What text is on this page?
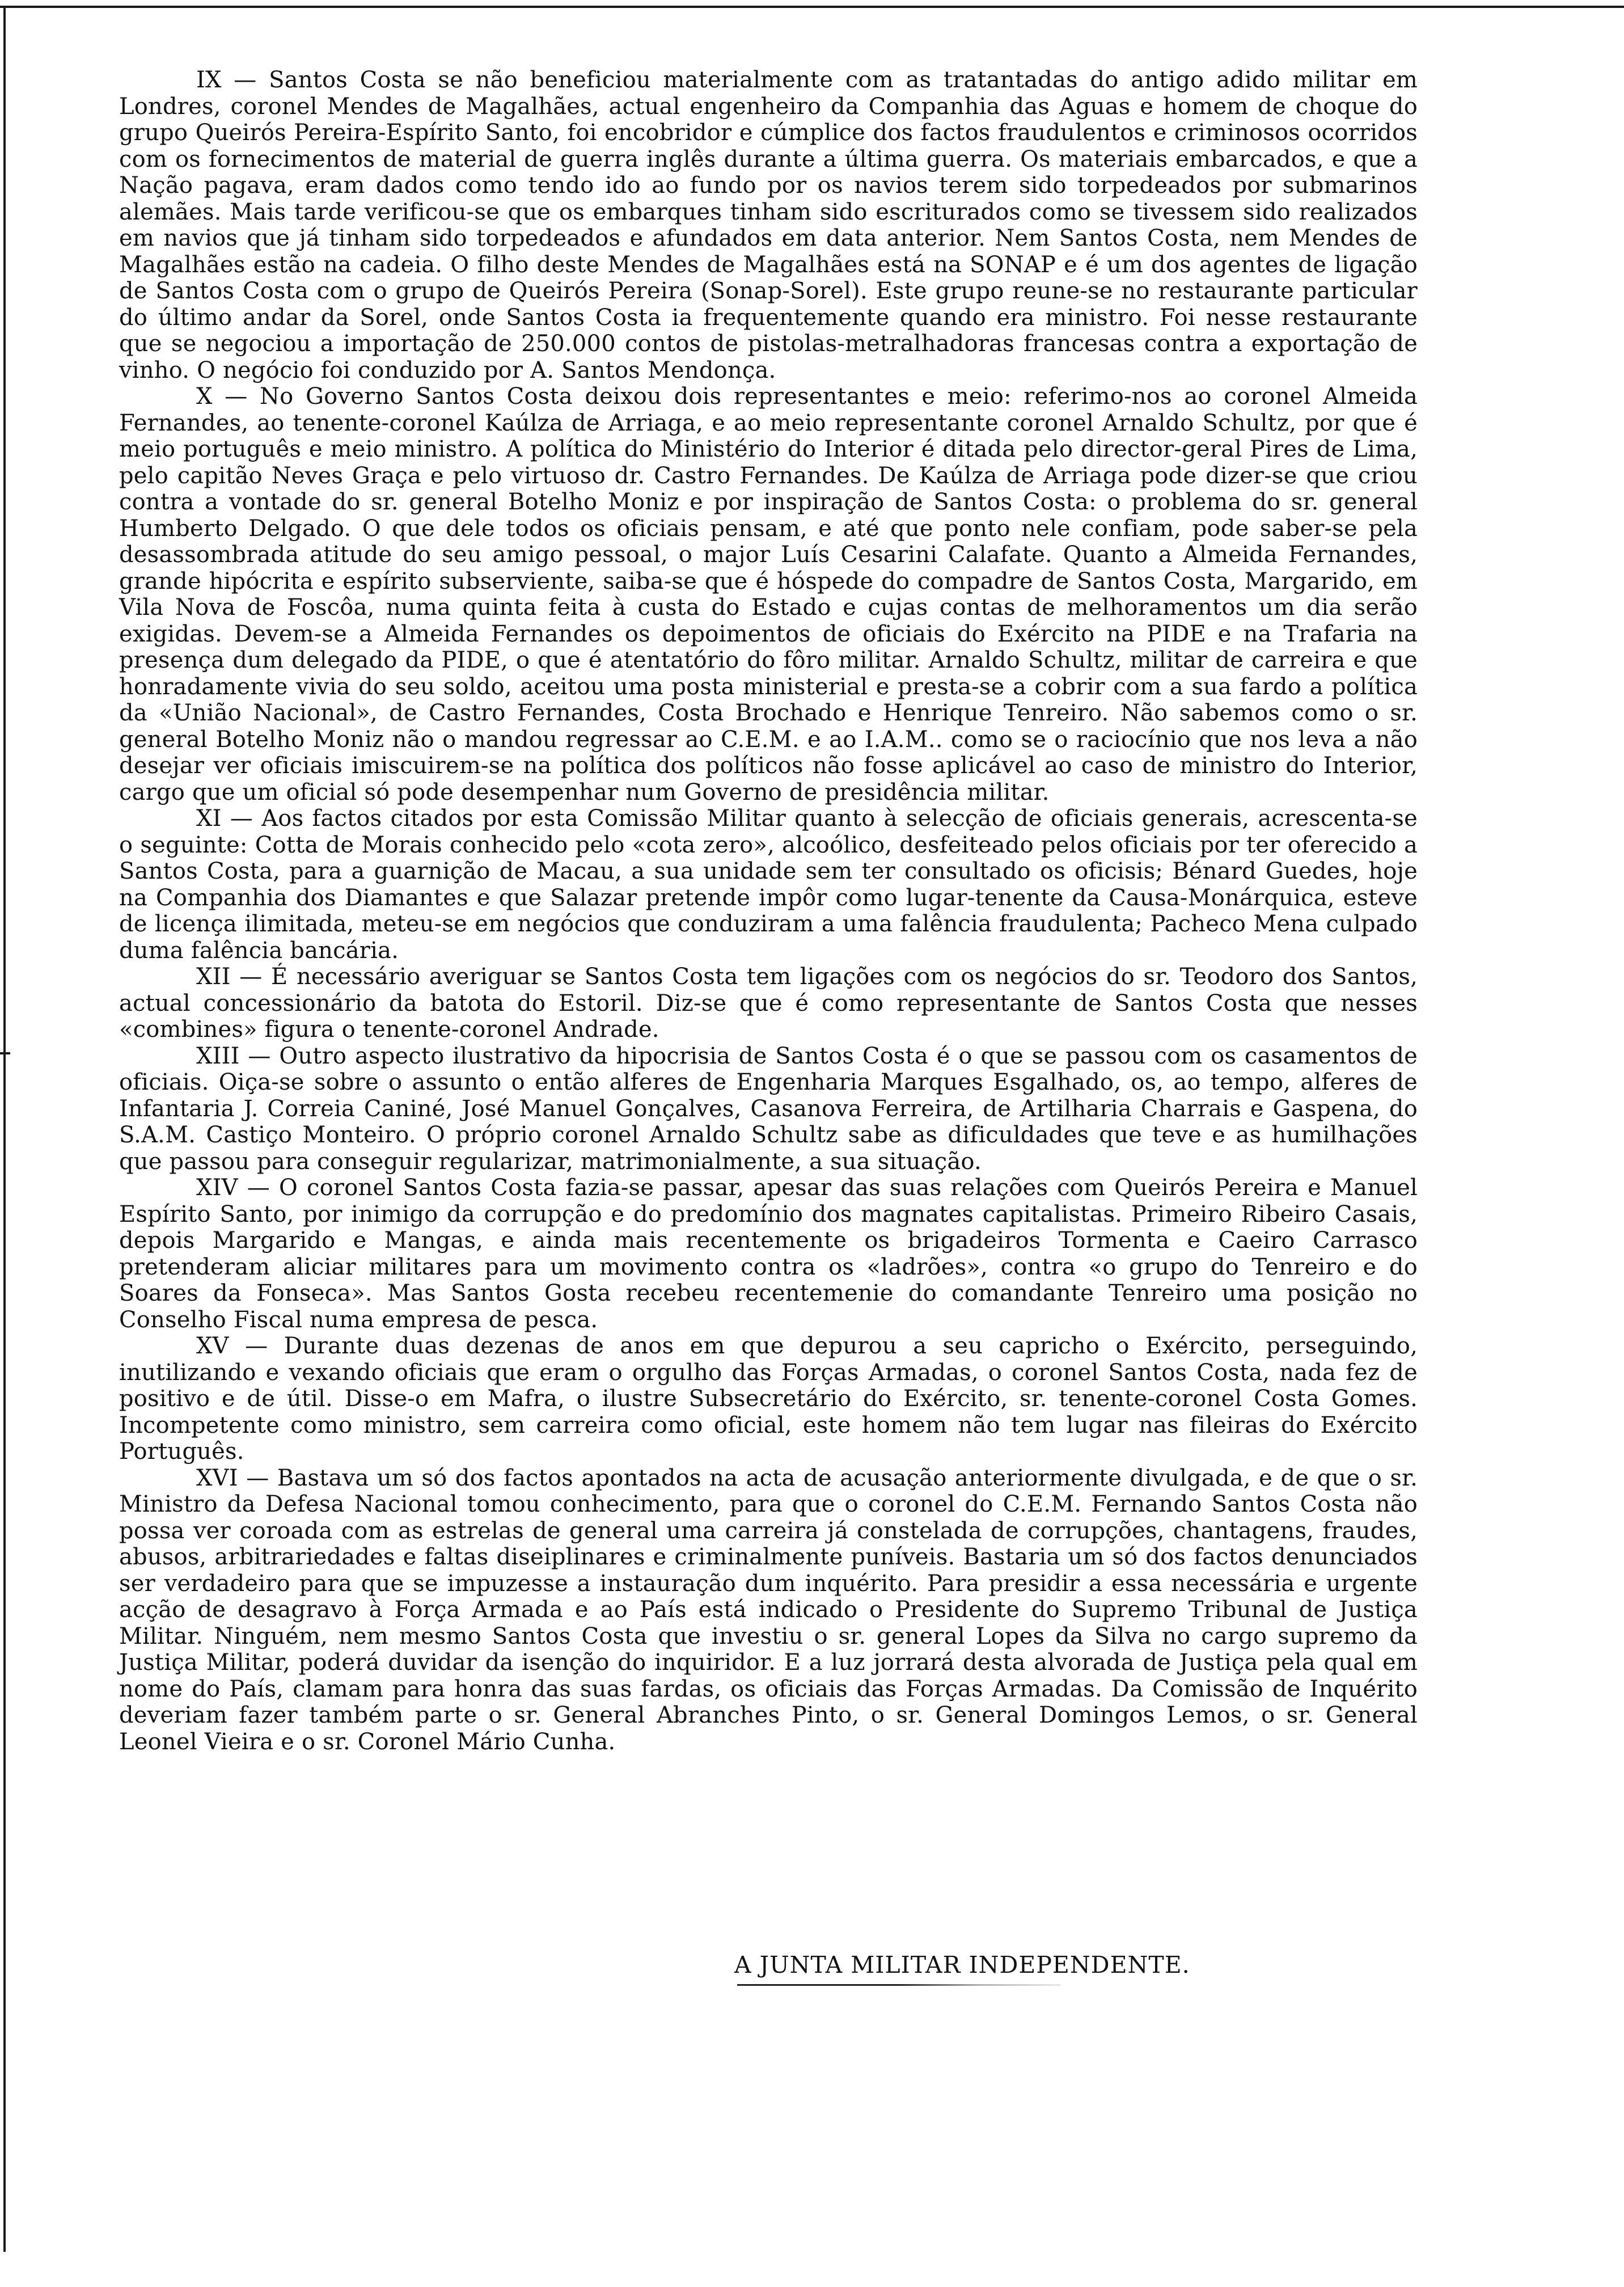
IX — Santos Costa se não beneficiou materialmente com as tratantadas do antigo adido militar em Londres, coronel Mendes de Magalhães, actual engenheiro da Companhia das Aguas e homem de choque do grupo Queirós Pereira-Espírito Santo, foi encobridor e cúmplice dos factos fraudulentos e criminosos ocorridos com os fornecimentos de material de guerra inglês durante a última guerra. Os materiais embarcados, e que a Nação pagava, eram dados como tendo ido ao fundo por os navios terem sido torpedeados por submarinos alemães. Mais tarde verificou-se que os embarques tinham sido escriturados como se tivessem sido realizados em navios que já tinham sido torpedeados e afundados em data anterior. Nem Santos Costa, nem Mendes de Magalhães estão na cadeia. O filho deste Mendes de Magalhães está na SONAP e é um dos agentes de ligação de Santos Costa com o grupo de Queirós Pereira (Sonap-Sorel). Este grupo reune-se no restaurante particular do último andar da Sorel, onde Santos Costa ia frequentemente quando era ministro. Foi nesse restaurante que se negociou a importação de 250.000 contos de pistolas-metralhadoras francesas contra a exportação de vinho. O negócio foi conduzido por A. Santos Mendonça.

X — No Governo Santos Costa deixou dois representantes e meio: referimo-nos ao coronel Almeida Fernandes, ao tenente-coronel Kaúlza de Arriaga, e ao meio representante coronel Arnaldo Schultz, por que é meio português e meio ministro. A política do Ministério do Interior é ditada pelo director-geral Pires de Lima, pelo capitão Neves Graça e pelo virtuoso dr. Castro Fernandes. De Kaúlza de Arriaga pode dizer-se que criou contra a vontade do sr. general Botelho Moniz e por inspiração de Santos Costa: o problema do sr. general Humberto Delgado. O que dele todos os oficiais pensam, e até que ponto nele confiam, pode saber-se pela desassombrada atitude do seu amigo pessoal, o major Luís Cesarini Calafate. Quanto a Almeida Fernandes, grande hipócrita e espírito subserviente, saiba-se que é hóspede do compadre de Santos Costa, Margarido, em Vila Nova de Foscôa, numa quinta feita à custa do Estado e cujas contas de melhoramentos um dia serão exigidas. Devem-se a Almeida Fernandes os depoimentos de oficiais do Exército na PIDE e na Trafaria na presença dum delegado da PIDE, o que é atentatório do fôro militar. Arnaldo Schultz, militar de carreira e que honradamente vivia do seu soldo, aceitou uma posta ministerial e presta-se a cobrir com a sua fardo a política da «União Nacional», de Castro Fernandes, Costa Brochado e Henrique Tenreiro. Não sabemos como o sr. general Botelho Moniz não o mandou regressar ao C.E.M. e ao I.A.M.. como se o raciocínio que nos leva a não desejar ver oficiais imiscuirem-se na política dos políticos não fosse aplicável ao caso de ministro do Interior, cargo que um oficial só pode desempenhar num Governo de presidência militar.

XI — Aos factos citados por esta Comissão Militar quanto à selecção de oficiais generais, acrescenta-se o seguinte: Cotta de Morais conhecido pelo «cota zero», alcoólico, desfeiteado pelos oficiais por ter oferecido a Santos Costa, para a guarnição de Macau, a sua unidade sem ter consultado os oficisis; Bénard Guedes, hoje na Companhia dos Diamantes e que Salazar pretende impôr como lugar-tenente da Causa-Monárquica, esteve de licença ilimitada, meteu-se em negócios que conduziram a uma falência fraudulenta; Pacheco Mena culpado duma falência bancária.

XII — É necessário averiguar se Santos Costa tem ligações com os negócios do sr. Teodoro dos Santos, actual concessionário da batota do Estoril. Diz-se que é como representante de Santos Costa que nesses «combines» figura o tenente-coronel Andrade.

XIII — Outro aspecto ilustrativo da hipocrisia de Santos Costa é o que se passou com os casamentos de oficiais. Oiça-se sobre o assunto o então alferes de Engenharia Marques Esgalhado, os, ao tempo, alferes de Infantaria J. Correia Caniné, José Manuel Gonçalves, Casanova Ferreira, de Artilharia Charrais e Gaspena, do S.A.M. Castiço Monteiro. O próprio coronel Arnaldo Schultz sabe as dificuldades que teve e as humilhações que passou para conseguir regularizar, matrimonialmente, a sua situação.

XIV — O coronel Santos Costa fazia-se passar, apesar das suas relações com Queirós Pereira e Manuel Espírito Santo, por inimigo da corrupção e do predomínio dos magnates capitalistas. Primeiro Ribeiro Casais, depois Margarido e Mangas, e ainda mais recentemente os brigadeiros Tormenta e Caeiro Carrasco pretenderam aliciar militares para um movimento contra os «ladrões», contra «o grupo do Tenreiro e do Soares da Fonseca». Mas Santos Gosta recebeu recentemenie do comandante Tenreiro uma posição no Conselho Fiscal numa empresa de pesca.

XV — Durante duas dezenas de anos em que depurou a seu capricho o Exército, perseguindo, inutilizando e vexando oficiais que eram o orgulho das Forças Armadas, o coronel Santos Costa, nada fez de positivo e de útil. Disse-o em Mafra, o ilustre Subsecretário do Exército, sr. tenente-coronel Costa Gomes. Incompetente como ministro, sem carreira como oficial, este homem não tem lugar nas fileiras do Exército Português.

XVI — Bastava um só dos factos apontados na acta de acusação anteriormente divulgada, e de que o sr. Ministro da Defesa Nacional tomou conhecimento, para que o coronel do C.E.M. Fernando Santos Costa não possa ver coroada com as estrelas de general uma carreira já constelada de corrupções, chantagens, fraudes, abusos, arbitrariedades e faltas diseiplinares e criminalmente puníveis. Bastaria um só dos factos denunciados ser verdadeiro para que se impuzesse a instauração dum inquérito. Para presidir a essa necessária e urgente acção de desagravo à Força Armada e ao País está indicado o Presidente do Supremo Tribunal de Justiça Militar. Ninguém, nem mesmo Santos Costa que investiu o sr. general Lopes da Silva no cargo supremo da Justiça Militar, poderá duvidar da isenção do inquiridor. E a luz jorrará desta alvorada de Justiça pela qual em nome do País, clamam para honra das suas fardas, os oficiais das Forças Armadas. Da Comissão de Inquérito deveriam fazer também parte o sr. General Abranches Pinto, o sr. General Domingos Lemos, o sr. General Leonel Vieira e o sr. Coronel Mário Cunha.

A JUNTA MILITAR INDEPENDENTE.
